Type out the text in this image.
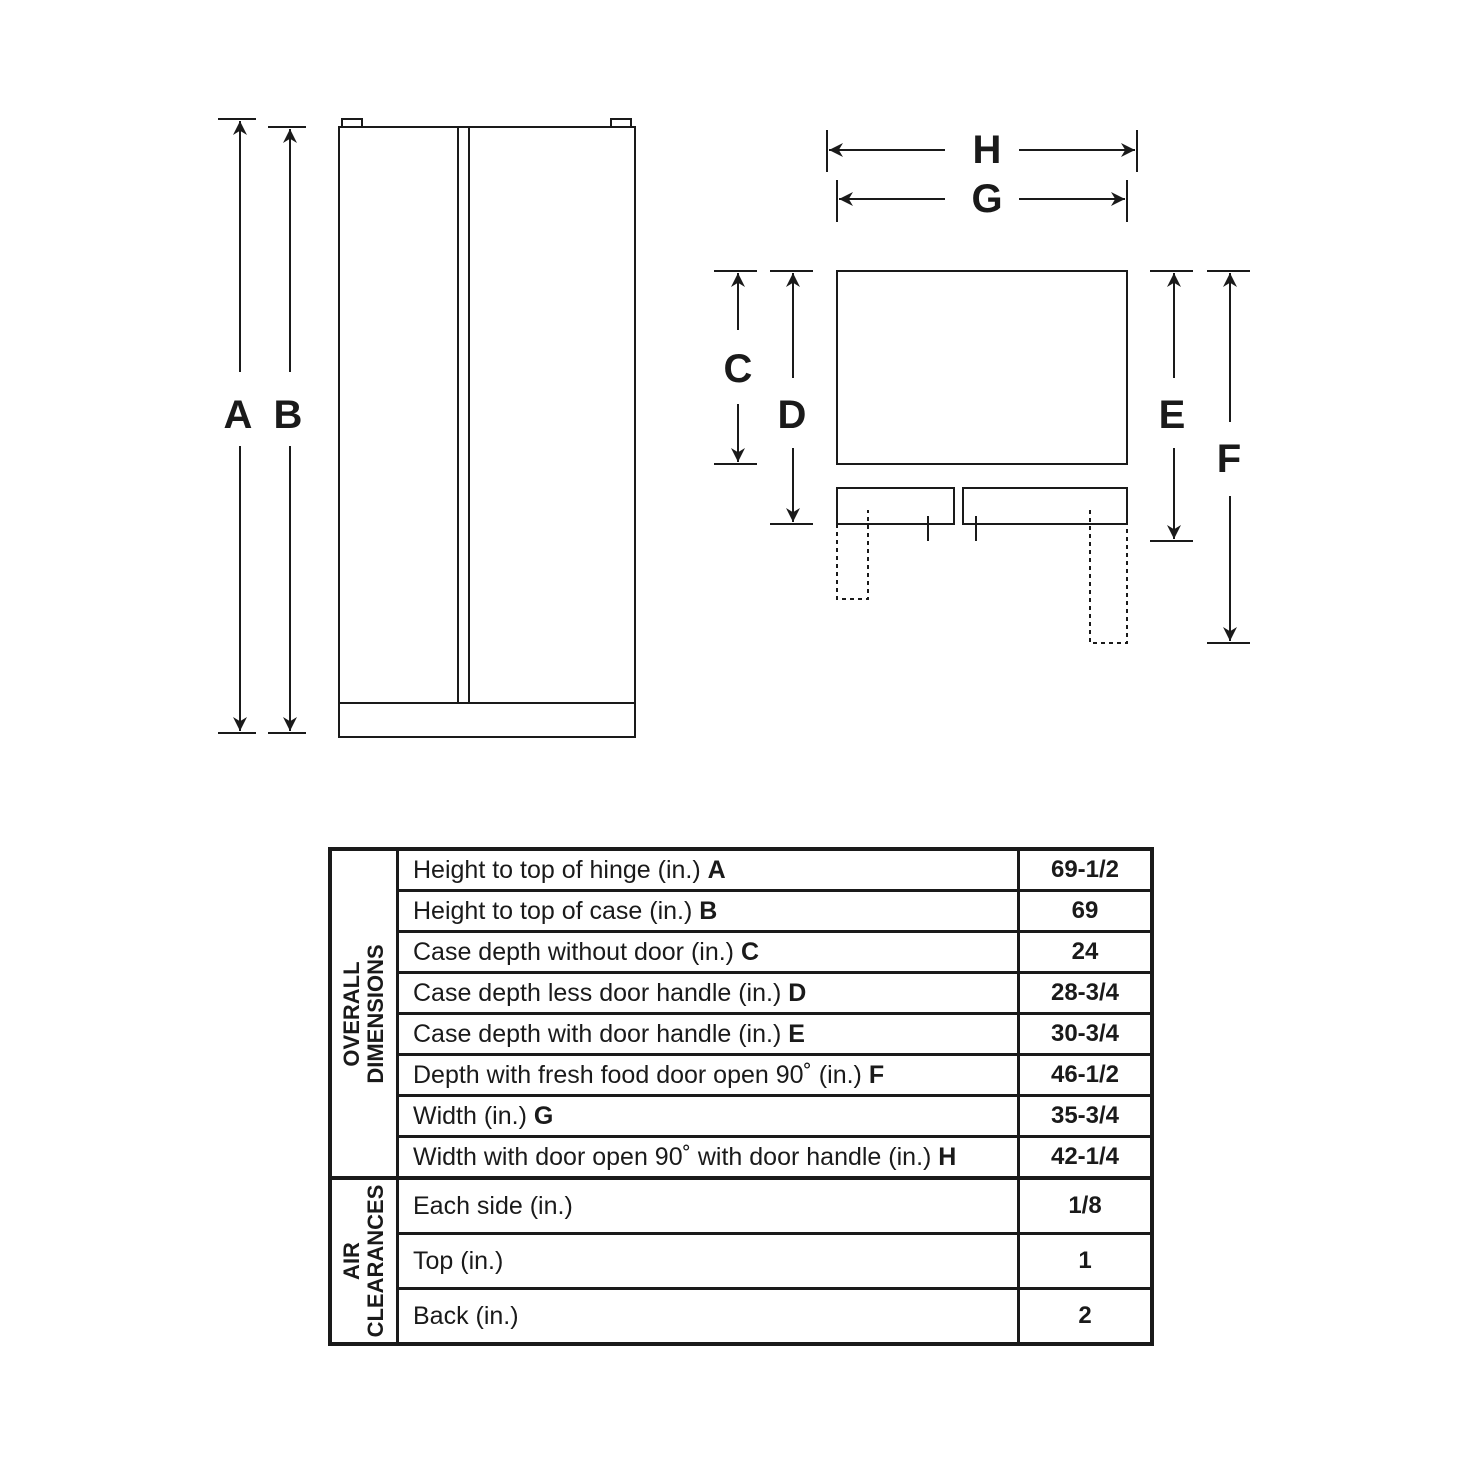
A B
H
G
C
D	E
F
OVERALL DIMENSIONS	Height to top of hinge (in.) A	69-1/2
	Height to top of case (in.) B	69
	Case depth without door (in.) C	24
	Case depth less door handle (in.) D	28-3/4
	Case depth with door handle (in.) E	30-3/4
	Depth with fresh food door open 90˚ (in.) F	46-1/2
	Width (in.) G	35-3/4
	Width with door open 90˚ with door handle (in.) H	42-1/4

AIR CLEARANCES	Each side (in.)	1/8
	Top (in.)	1
	Back (in.)	2
